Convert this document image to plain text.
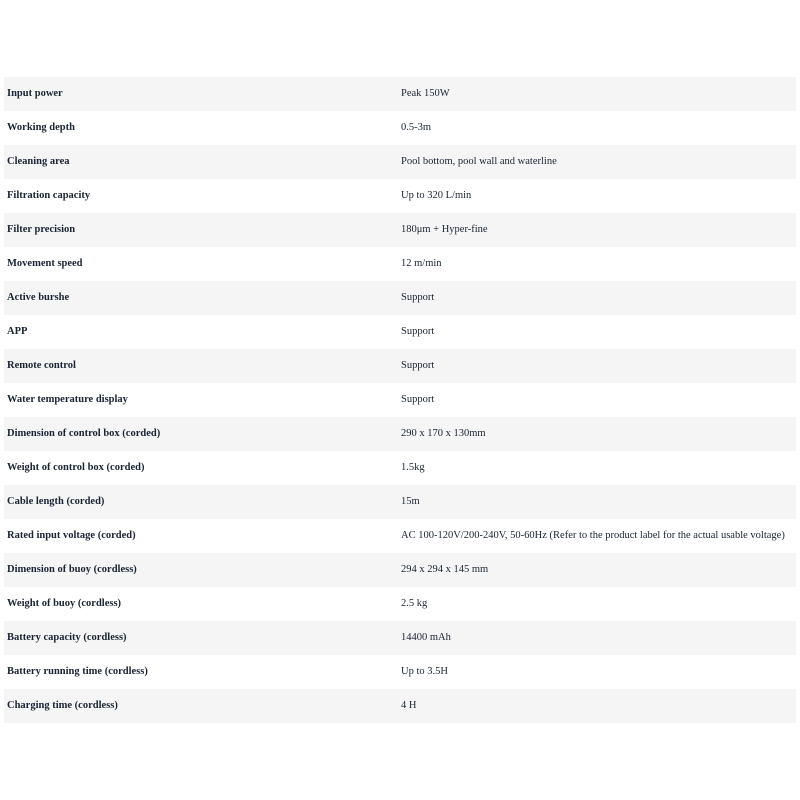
Input power	Peak 150W
Working depth	0.5-3m
Cleaning area	Pool bottom, pool wall and waterline
Filtration capacity	Up to 320 L/min
Filter precision	180μm + Hyper-fine
Movement speed	12 m/min
Active burshe	Support
APP	Support
Remote control	Support
Water temperature display	Support
Dimension of control box (corded)	290 x 170 x 130mm
Weight of control box (corded)	1.5kg
Cable length (corded)	15m
Rated input voltage (corded)	AC 100-120V/200-240V, 50-60Hz (Refer to the product label for the actual usable voltage)
Dimension of buoy (cordless)	294 x 294 x 145 mm
Weight of buoy (cordless)	2.5 kg
Battery capacity (cordless)	14400 mAh
Battery running time (cordless)	Up to 3.5H
Charging time (cordless)	4 H
